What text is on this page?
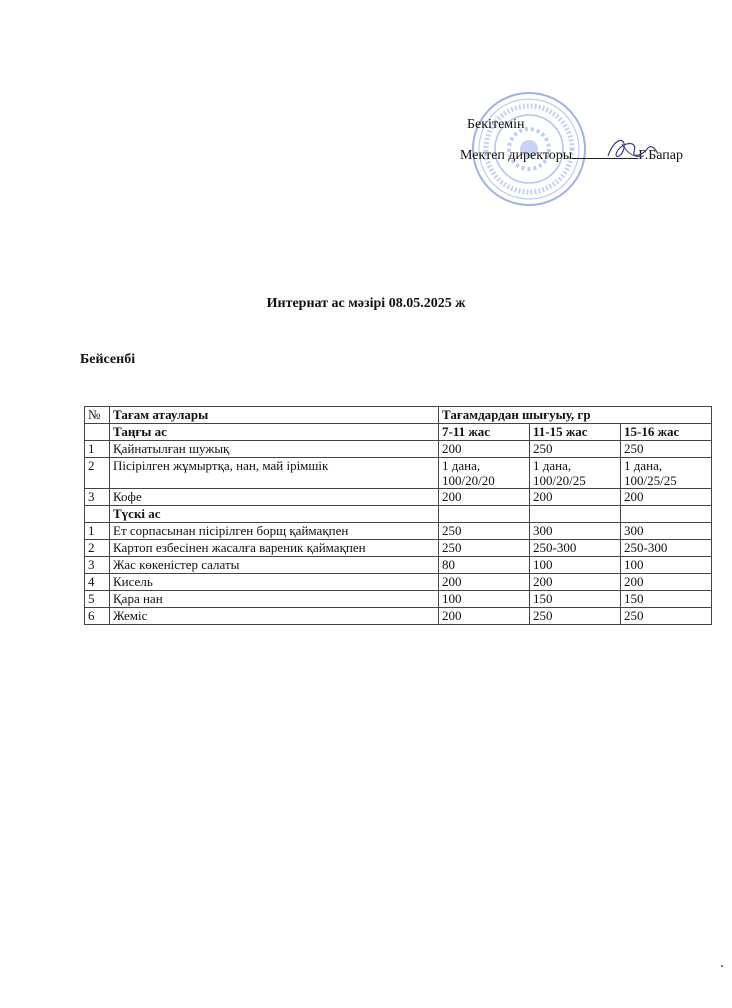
Бекітемін
Мектеп директоры	Г.Бапар
Интернат ас мәзірі 08.05.2025 ж
Бейсенбі
№	Тағам атаулары	Тағамдардан шығуыу, гр		
	Таңғы ас	7-11 жас	11-15 жас	15-16 жас
1	Қайнатылған шужық	200	250	250
2	Пісірілген жұмыртқа, нан, май ірімшік	1 дана, 100/20/20	1 дана, 100/20/25	1 дана, 100/25/25
3	Кофе	200	200	200
	Түскі ас			
1	Ет сорпасынан пісірілген борщ қаймақпен	250	300	300
2	Картоп езбесінен жасалға вареник қаймақпен	250	250-300	250-300
3	Жас көкеністер салаты	80	100	100
4	Кисель	200	200	200
5	Қара нан	100	150	150
6	Жеміс	200	250	250
